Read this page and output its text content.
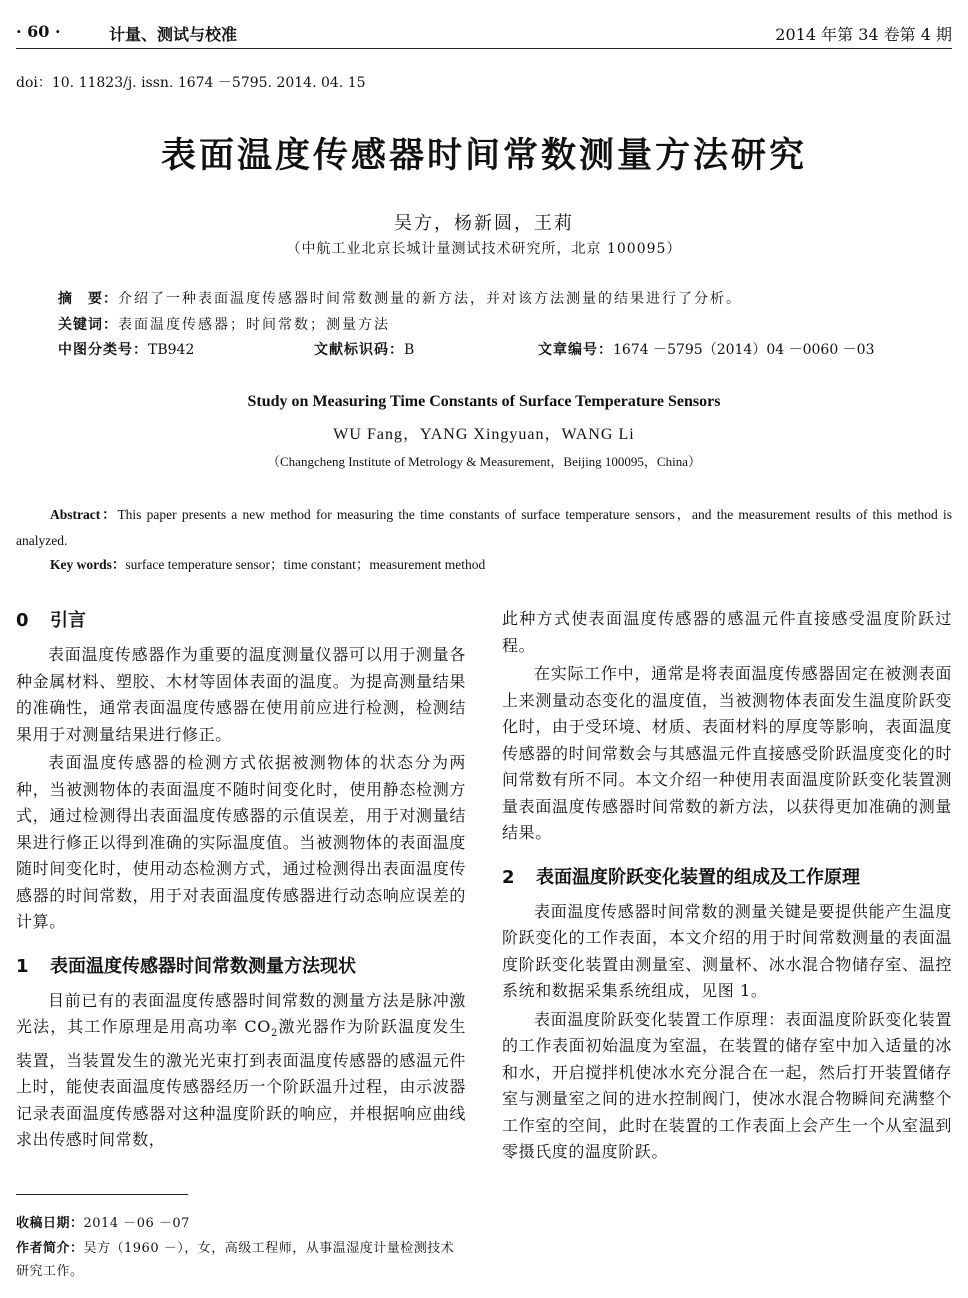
· 60 ·	计量、测试与校准	2014 年第 34 卷第 4 期
doi：10. 11823/j. issn. 1674 －5795. 2014. 04. 15
表面温度传感器时间常数测量方法研究
吴方，杨新圆，王莉
（中航工业北京长城计量测试技术研究所，北京 100095）
摘　要：介绍了一种表面温度传感器时间常数测量的新方法，并对该方法测量的结果进行了分析。
关键词：表面温度传感器；时间常数；测量方法
中图分类号：TB942	文献标识码：B	文章编号：1674 －5795（2014）04 －0060 －03
Study on Measuring Time Constants of Surface Temperature Sensors
WU Fang，YANG Xingyuan，WANG Li
（Changcheng Institute of Metrology & Measurement，Beijing 100095，China）
Abstract：This paper presents a new method for measuring the time constants of surface temperature sensors，and the measurement results of this method is analyzed.
Key words：surface temperature sensor；time constant；measurement method
0 引言

表面温度传感器作为重要的温度测量仪器可以用于测量各种金属材料、塑胶、木材等固体表面的温度。为提高测量结果的准确性，通常表面温度传感器在使用前应进行检测，检测结果用于对测量结果进行修正。

表面温度传感器的检测方式依据被测物体的状态分为两种，当被测物体的表面温度不随时间变化时，使用静态检测方式，通过检测得出表面温度传感器的示值误差，用于对测量结果进行修正以得到准确的实际温度值。当被测物体的表面温度随时间变化时，使用动态检测方式，通过检测得出表面温度传感器的时间常数，用于对表面温度传感器进行动态响应误差的计算。

1 表面温度传感器时间常数测量方法现状

目前已有的表面温度传感器时间常数的测量方法是脉冲激光法，其工作原理是用高功率 $CO_2$激光器作为阶跃温度发生装置，当装置发生的激光光束打到表面温度传感器的感温元件上时，能使表面温度传感器经历一个阶跃温升过程，由示波器记录表面温度传感器对这种温度阶跃的响应，并根据响应曲线求出传感时间常数，

收稿日期：2014 －06 －07
作者简介：吴方（1960 －），女，高级工程师，从事温湿度计量检测技术研究工作。

此种方式使表面温度传感器的感温元件直接感受温度阶跃过程。

在实际工作中，通常是将表面温度传感器固定在被测表面上来测量动态变化的温度值，当被测物体表面发生温度阶跃变化时，由于受环境、材质、表面材料的厚度等影响，表面温度传感器的时间常数会与其感温元件直接感受阶跃温度变化的时间常数有所不同。本文介绍一种使用表面温度阶跃变化装置测量表面温度传感器时间常数的新方法，以获得更加准确的测量结果。

2 表面温度阶跃变化装置的组成及工作原理

表面温度传感器时间常数的测量关键是要提供能产生温度阶跃变化的工作表面，本文介绍的用于时间常数测量的表面温度阶跃变化装置由测量室、测量杯、冰水混合物储存室、温控系统和数据采集系统组成，见图 1。

表面温度阶跃变化装置工作原理：表面温度阶跃变化装置的工作表面初始温度为室温，在装置的储存室中加入适量的冰和水，开启搅拌机使冰水充分混合在一起，然后打开装置储存室与测量室之间的进水控制阀门，使冰水混合物瞬间充满整个工作室的空间，此时在装置的工作表面上会产生一个从室温到零摄氏度的温度阶跃。
